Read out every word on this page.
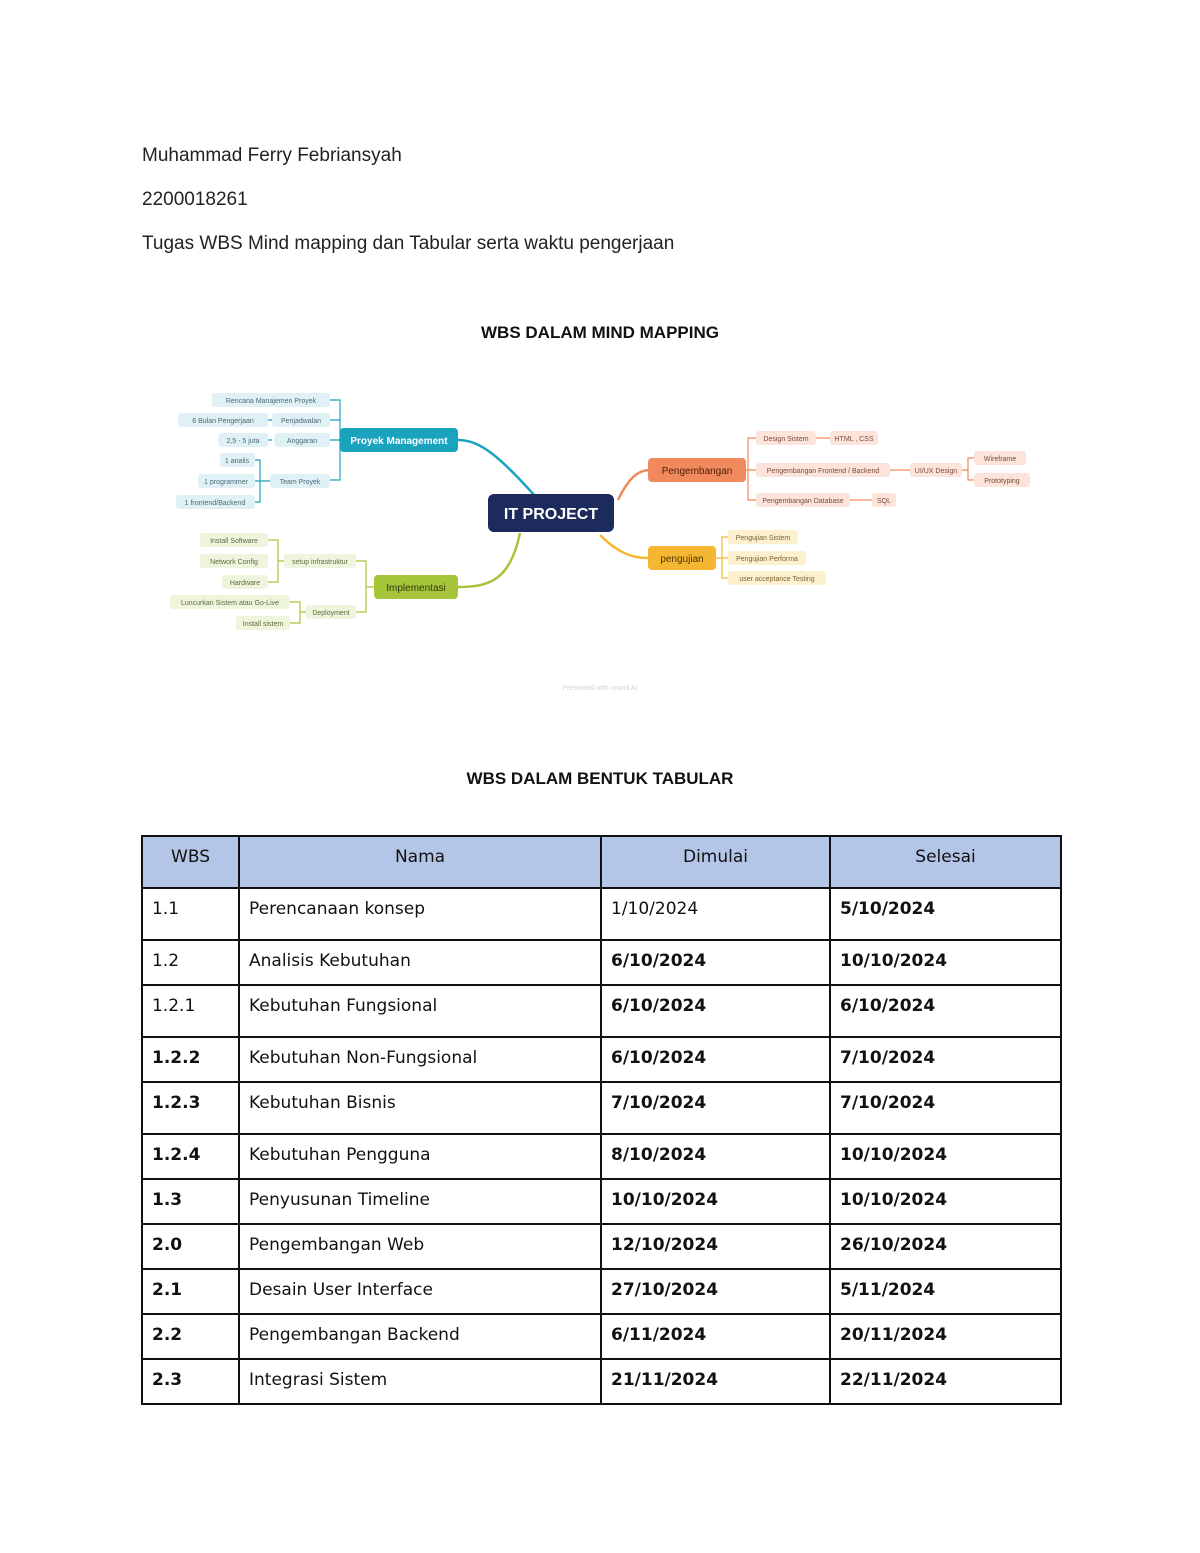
Muhammad Ferry Febriansyah
2200018261
Tugas WBS Mind mapping dan Tabular serta waktu pengerjaan
WBS DALAM MIND MAPPING
IT PROJECT
Proyek Management
Rencana Manajemen Proyek
Penjadwalan
6 Bulan Pengerjaan
Anggaran
2,5 - 5 juta
Team Proyek
1 analis
1 programmer
1 frontend/Backend
Implementasi
setup infrastruktur
Install Software
Network Config
Hardware
Deployment
Luncurkan Sistem atau Go-Live
Install sistem
Pengembangan
Design Sistem	HTML , CSS
Pengembangan Frontend / Backend	UI/UX Design
Wireframe
Prototyping
Pengembangan Database	SQL
pengujian
Pengujian Sistem
Pengujian Performa
user acceptance Testing
Presented with xmind AI
WBS DALAM BENTUK TABULAR
WBS	Nama	Dimulai	Selesai
1.1	Perencanaan konsep	1/10/2024	5/10/2024
1.2	Analisis Kebutuhan	6/10/2024	10/10/2024
1.2.1	Kebutuhan Fungsional	6/10/2024	6/10/2024
1.2.2	Kebutuhan Non-Fungsional	6/10/2024	7/10/2024
1.2.3	Kebutuhan Bisnis	7/10/2024	7/10/2024
1.2.4	Kebutuhan Pengguna	8/10/2024	10/10/2024
1.3	Penyusunan Timeline	10/10/2024	10/10/2024
2.0	Pengembangan Web	12/10/2024	26/10/2024
2.1	Desain User Interface	27/10/2024	5/11/2024
2.2	Pengembangan Backend	6/11/2024	20/11/2024
2.3	Integrasi Sistem	21/11/2024	22/11/2024
